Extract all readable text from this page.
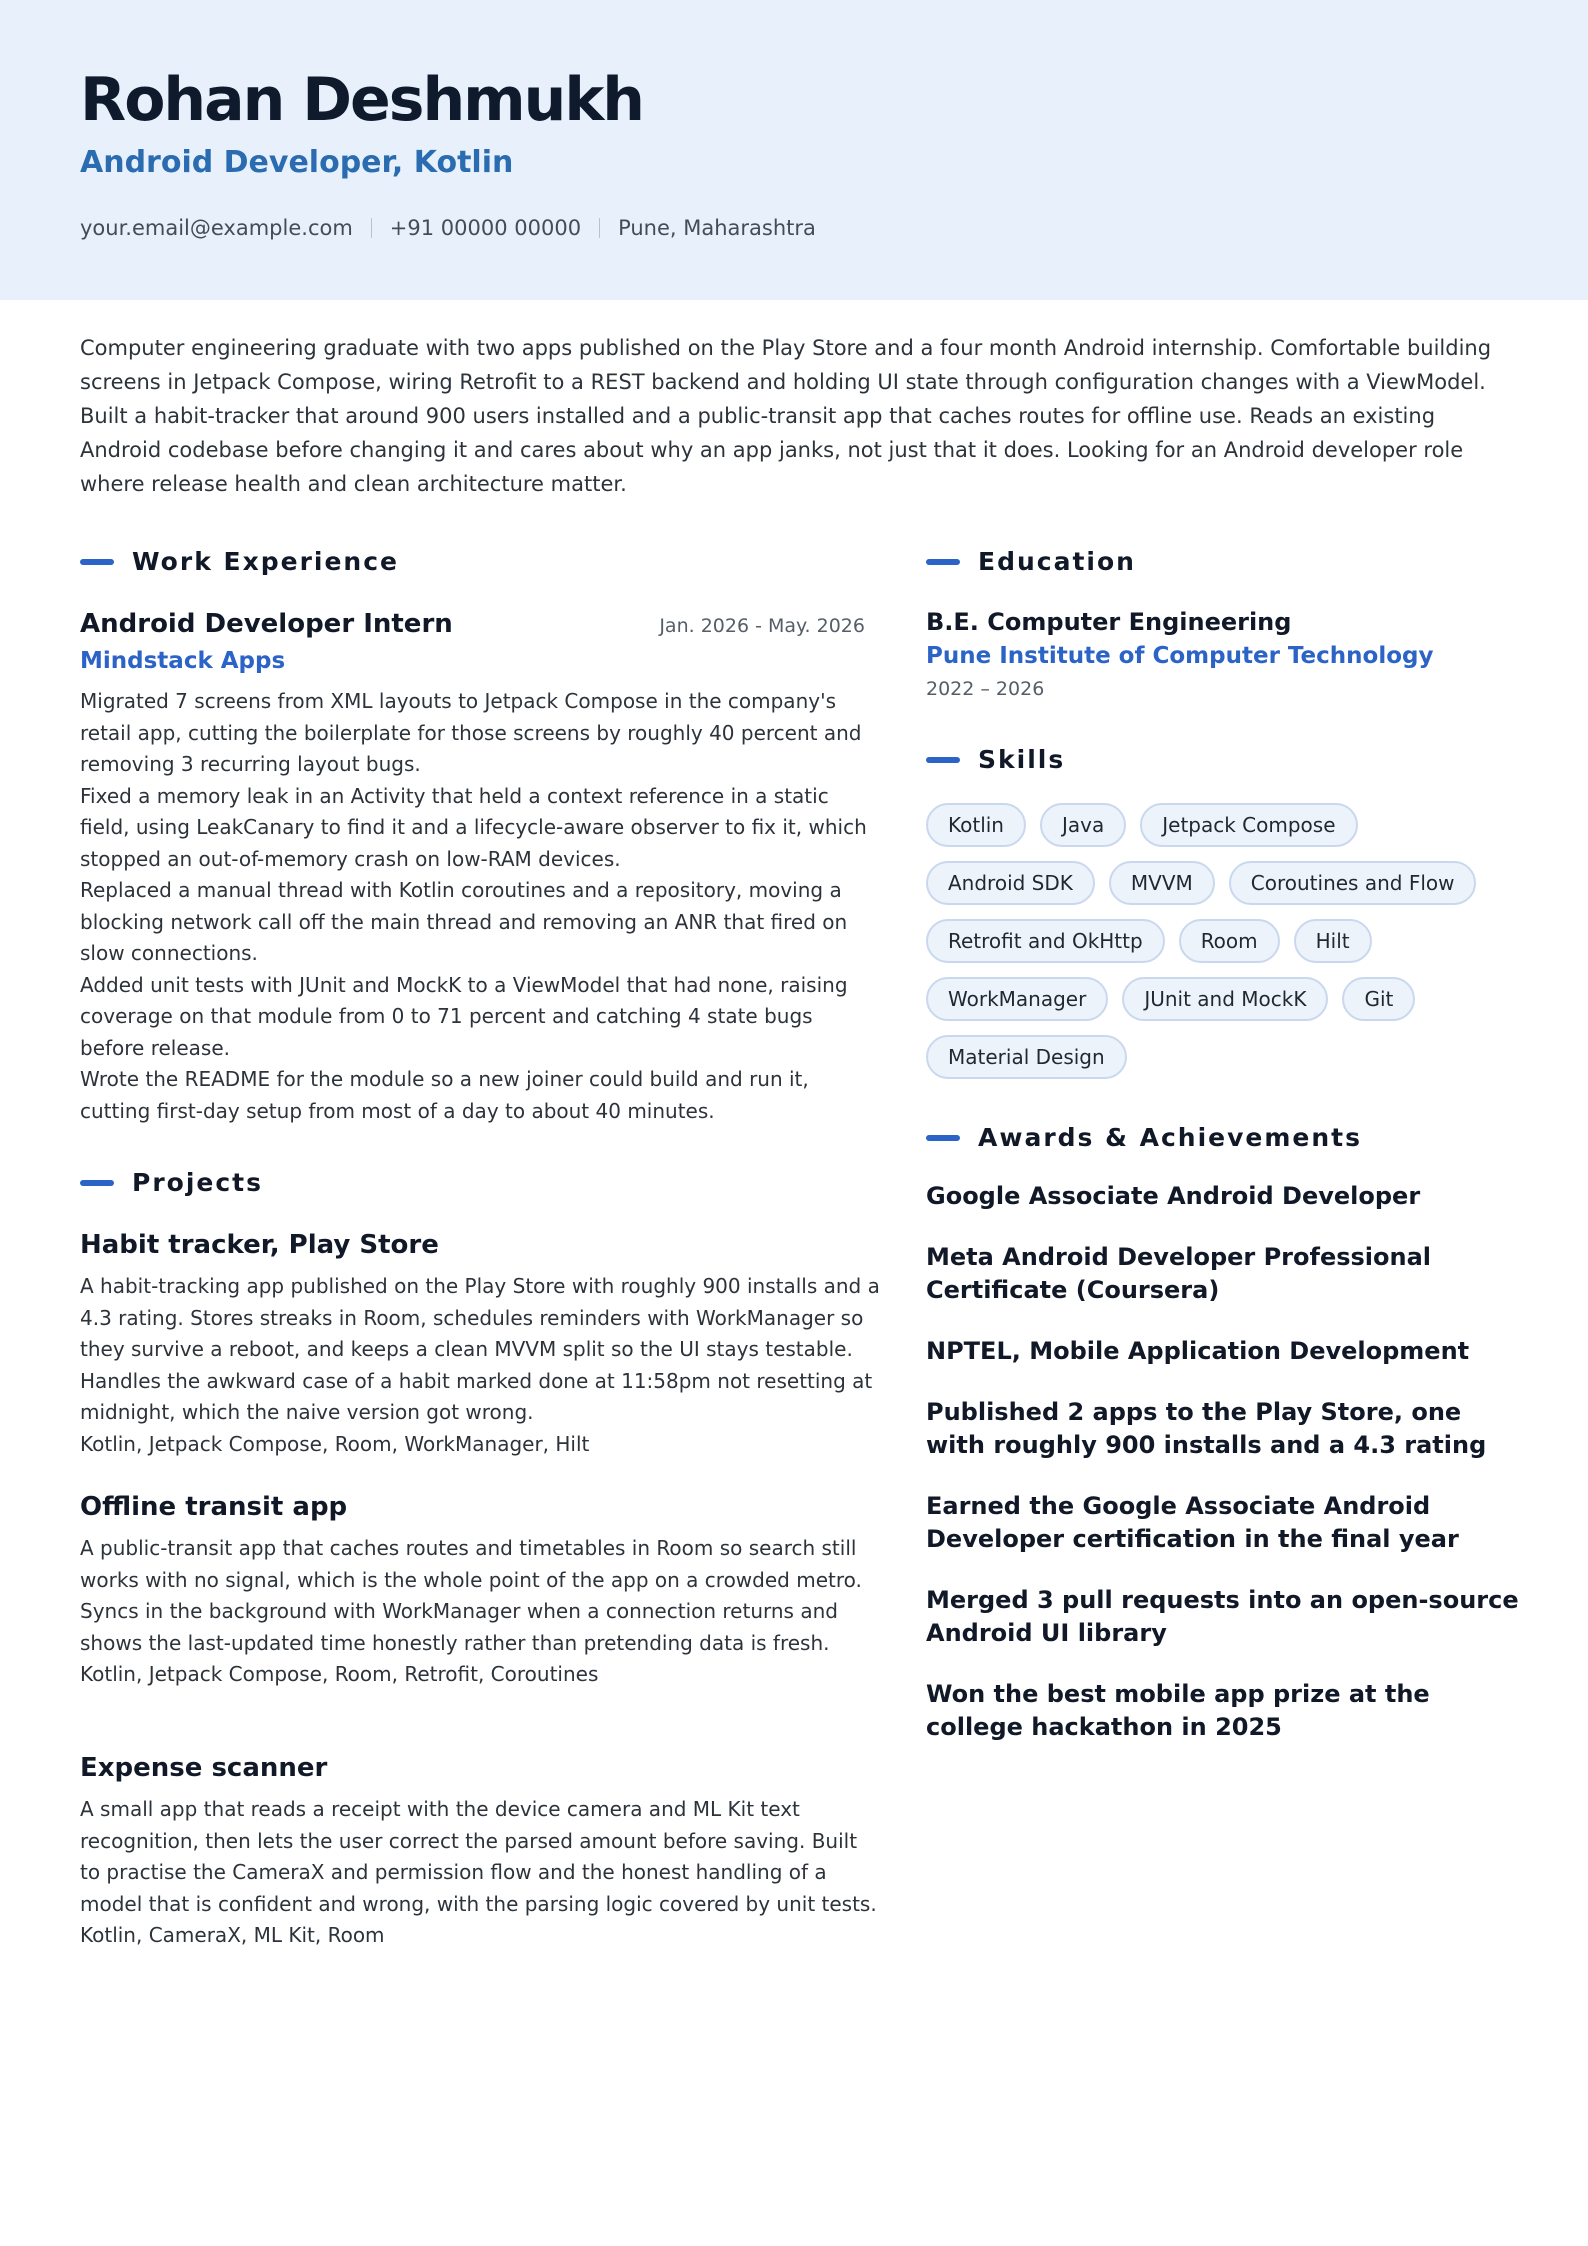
Rohan Deshmukh
Android Developer, Kotlin
your.email@example.com +91 00000 00000 Pune, Maharashtra

Computer engineering graduate with two apps published on the Play Store and a four month Android internship. Comfortable building screens in Jetpack Compose, wiring Retrofit to a REST backend and holding UI state through configuration changes with a ViewModel. Built a habit-tracker that around 900 users installed and a public-transit app that caches routes for offline use. Reads an existing Android codebase before changing it and cares about why an app janks, not just that it does. Looking for an Android developer role where release health and clean architecture matter.

Work Experience
Android Developer Intern	Jan. 2026 - May. 2026
Mindstack Apps
Migrated 7 screens from XML layouts to Jetpack Compose in the company's retail app, cutting the boilerplate for those screens by roughly 40 percent and removing 3 recurring layout bugs.
Fixed a memory leak in an Activity that held a context reference in a static field, using LeakCanary to find it and a lifecycle-aware observer to fix it, which stopped an out-of-memory crash on low-RAM devices.
Replaced a manual thread with Kotlin coroutines and a repository, moving a blocking network call off the main thread and removing an ANR that fired on slow connections.
Added unit tests with JUnit and MockK to a ViewModel that had none, raising coverage on that module from 0 to 71 percent and catching 4 state bugs before release.
Wrote the README for the module so a new joiner could build and run it, cutting first-day setup from most of a day to about 40 minutes.
Projects
Habit tracker, Play Store
A habit-tracking app published on the Play Store with roughly 900 installs and a 4.3 rating. Stores streaks in Room, schedules reminders with WorkManager so they survive a reboot, and keeps a clean MVVM split so the UI stays testable. Handles the awkward case of a habit marked done at 11:58pm not resetting at midnight, which the naive version got wrong.
Kotlin, Jetpack Compose, Room, WorkManager, Hilt
Offline transit app
A public-transit app that caches routes and timetables in Room so search still works with no signal, which is the whole point of the app on a crowded metro. Syncs in the background with WorkManager when a connection returns and shows the last-updated time honestly rather than pretending data is fresh.
Kotlin, Jetpack Compose, Room, Retrofit, Coroutines
Expense scanner
A small app that reads a receipt with the device camera and ML Kit text recognition, then lets the user correct the parsed amount before saving. Built to practise the CameraX and permission flow and the honest handling of a model that is confident and wrong, with the parsing logic covered by unit tests.
Kotlin, CameraX, ML Kit, Room
Education
B.E. Computer Engineering
Pune Institute of Computer Technology
2022 – 2026
Skills
Kotlin	Java	Jetpack Compose
Android SDK	MVVM	Coroutines and Flow
Retrofit and OkHttp	Room	Hilt
WorkManager	JUnit and MockK	Git
Material Design
Awards & Achievements
Google Associate Android Developer
Meta Android Developer Professional Certificate (Coursera)
NPTEL, Mobile Application Development
Published 2 apps to the Play Store, one with roughly 900 installs and a 4.3 rating
Earned the Google Associate Android Developer certification in the final year
Merged 3 pull requests into an open-source Android UI library
Won the best mobile app prize at the college hackathon in 2025
